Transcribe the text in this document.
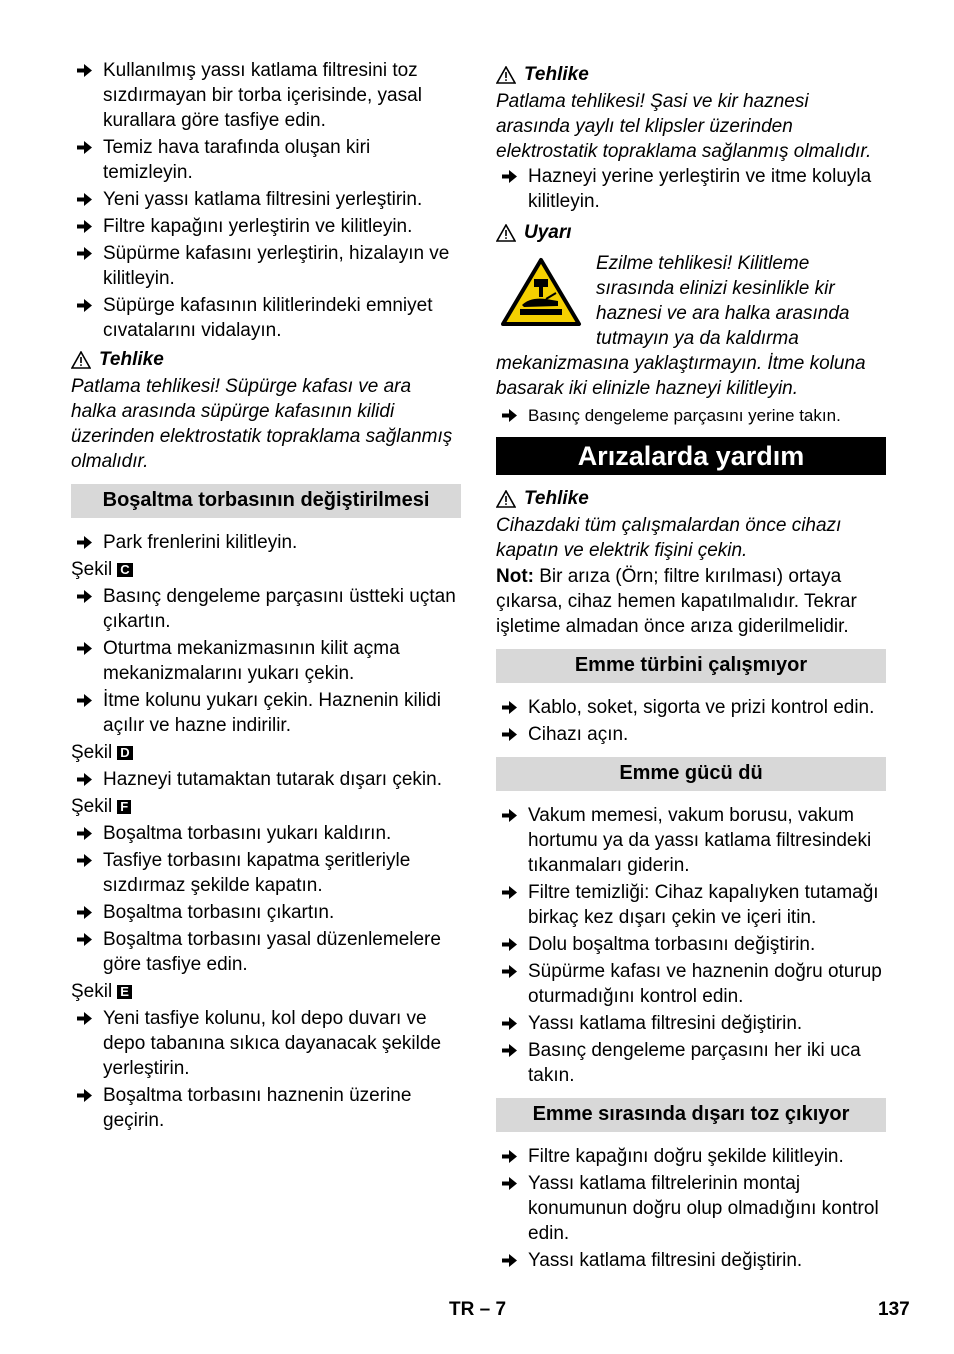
Kullanılmış yassı katlama filtresini toz sızdırmayan bir torba içerisinde, yasal kurallara göre tasfiye edin.
Temiz hava tarafında oluşan kiri temizleyin.
Yeni yassı katlama filtresini yerleştirin.
Filtre kapağını yerleştirin ve kilitleyin.
Süpürme kafasını yerleştirin, hizalayın ve kilitleyin.
Süpürge kafasının kilitlerindeki emniyet cıvatalarını vidalayın.
Tehlike
Patlama tehlikesi! Süpürge kafası ve ara halka arasında süpürge kafasının kilidi üzerinden elektrostatik topraklama sağlanmış olmalıdır.
Boşaltma torbasının değiştirilmesi
Park frenlerini kilitleyin.
Şekil C
Basınç dengeleme parçasını üstteki uçtan çıkartın.
Oturtma mekanizmasının kilit açma mekanizmalarını yukarı çekin.
İtme kolunu yukarı çekin. Haznenin kilidi açılır ve hazne indirilir.
Şekil D
Hazneyi tutamaktan tutarak dışarı çekin.
Şekil F
Boşaltma torbasını yukarı kaldırın.
Tasfiye torbasını kapatma şeritleriyle sızdırmaz şekilde kapatın.
Boşaltma torbasını çıkartın.
Boşaltma torbasını yasal düzenlemelere göre tasfiye edin.
Şekil E
Yeni tasfiye kolunu, kol depo duvarı ve depo tabanına sıkıca dayanacak şekilde yerleştirin.
Boşaltma torbasını haznenin üzerine geçirin.
Tehlike
Patlama tehlikesi! Şasi ve kir haznesi arasında yaylı tel klipsler üzerinden elektrostatik topraklama sağlanmış olmalıdır.
Hazneyi yerine yerleştirin ve itme koluyla kilitleyin.
Uyarı
Ezilme tehlikesi! Kilitleme sırasında elinizi kesinlikle kir haznesi ve ara halka arasında tutmayın ya da kaldırma mekanizmasına yaklaştırmayın. İtme koluna basarak iki elinizle hazneyi kilitleyin.
Basınç dengeleme parçasını yerine takın.
Arızalarda yardım
Tehlike
Cihazdaki tüm çalışmalardan önce cihazı kapatın ve elektrik fişini çekin.
Not: Bir arıza (Örn; filtre kırılması) ortaya çıkarsa, cihaz hemen kapatılmalıdır. Tekrar işletime almadan önce arıza giderilmelidir.
Emme türbini çalışmıyor
Kablo, soket, sigorta ve prizi kontrol edin.
Cihazı açın.
Emme gücü dü
Vakum memesi, vakum borusu, vakum hortumu ya da yassı katlama filtresindeki tıkanmaları giderin.
Filtre temizliği: Cihaz kapalıyken tutamağı birkaç kez dışarı çekin ve içeri itin.
Dolu boşaltma torbasını değiştirin.
Süpürme kafası ve haznenin doğru oturup oturmadığını kontrol edin.
Yassı katlama filtresini değiştirin.
Basınç dengeleme parçasını her iki uca takın.
Emme sırasında dışarı toz çıkıyor
Filtre kapağını doğru şekilde kilitleyin.
Yassı katlama filtrelerinin montaj konumunun doğru olup olmadığını kontrol edin.
Yassı katlama filtresini değiştirin.
TR – 7	137
